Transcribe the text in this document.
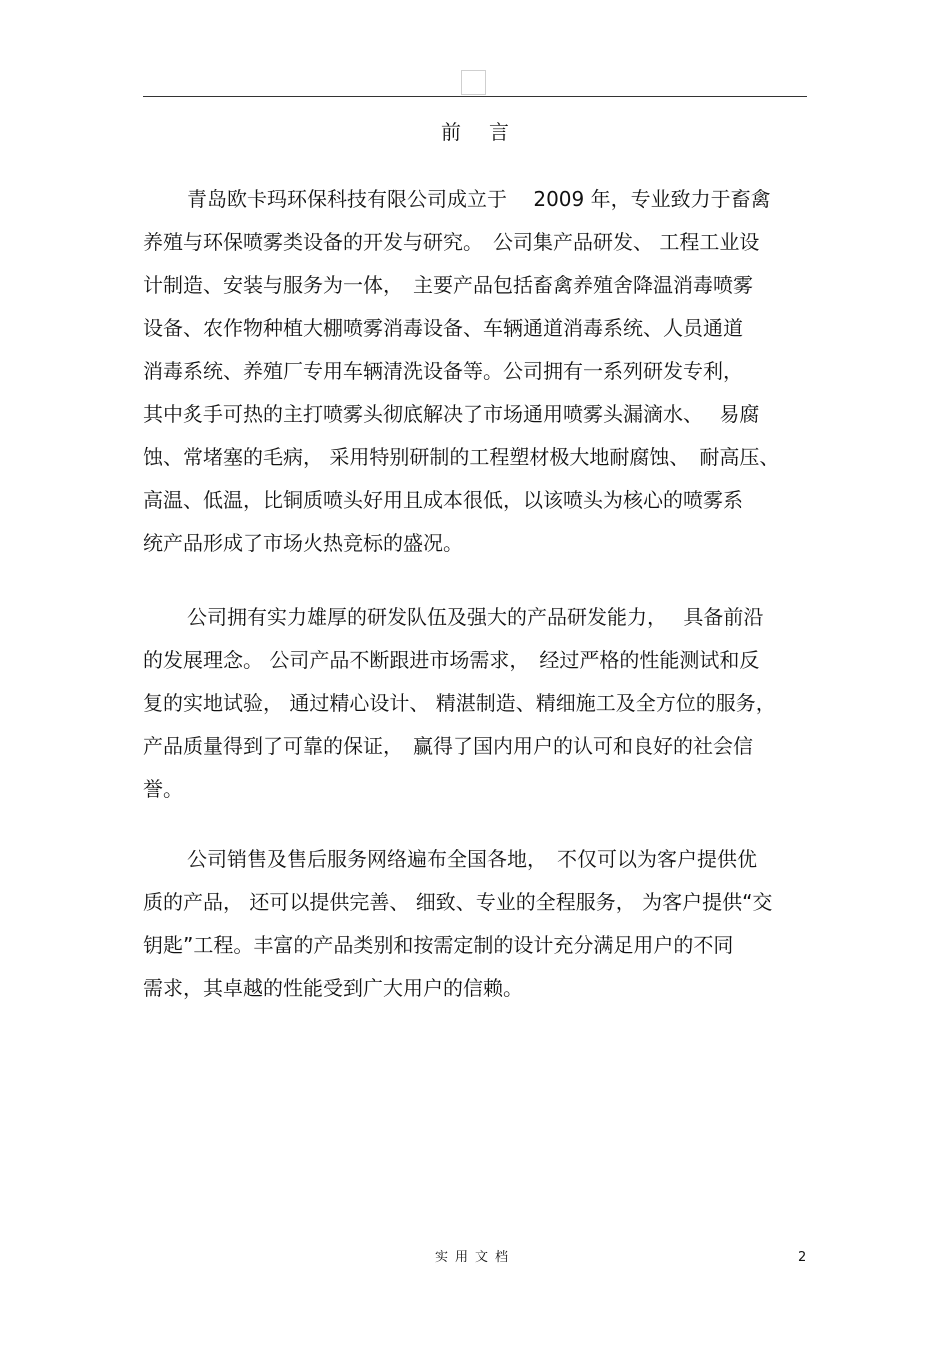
前 言
青岛欧卡玛环保科技有限公司成立于　 2009 年，专业致力于畜禽
养殖与环保喷雾类设备的开发与研究。　公司集产品研发、 工程工业设
计制造、安装与服务为一体，　主要产品包括畜禽养殖舍降温消毒喷雾
设备、农作物种植大棚喷雾消毒设备、车辆通道消毒系统、人员通道
消毒系统、养殖厂专用车辆清洗设备等。公司拥有一系列研发专利，
其中炙手可热的主打喷雾头彻底解决了市场通用喷雾头漏滴水、　 易腐
蚀、常堵塞的毛病， 采用特别研制的工程塑材极大地耐腐蚀、　耐高压、
高温、低温，比铜质喷头好用且成本很低，以该喷头为核心的喷雾系
统产品形成了市场火热竞标的盛况。
公司拥有实力雄厚的研发队伍及强大的产品研发能力，　 具备前沿
的发展理念。 公司产品不断跟进市场需求，　经过严格的性能测试和反
复的实地试验， 通过精心设计、 精湛制造、精细施工及全方位的服务，
产品质量得到了可靠的保证，　赢得了国内用户的认可和良好的社会信
誉。
公司销售及售后服务网络遍布全国各地，　不仅可以为客户提供优
质的产品， 还可以提供完善、 细致、专业的全程服务， 为客户提供“交
钥匙”工程。丰富的产品类别和按需定制的设计充分满足用户的不同
需求，其卓越的性能受到广大用户的信赖。
实用文档	2
